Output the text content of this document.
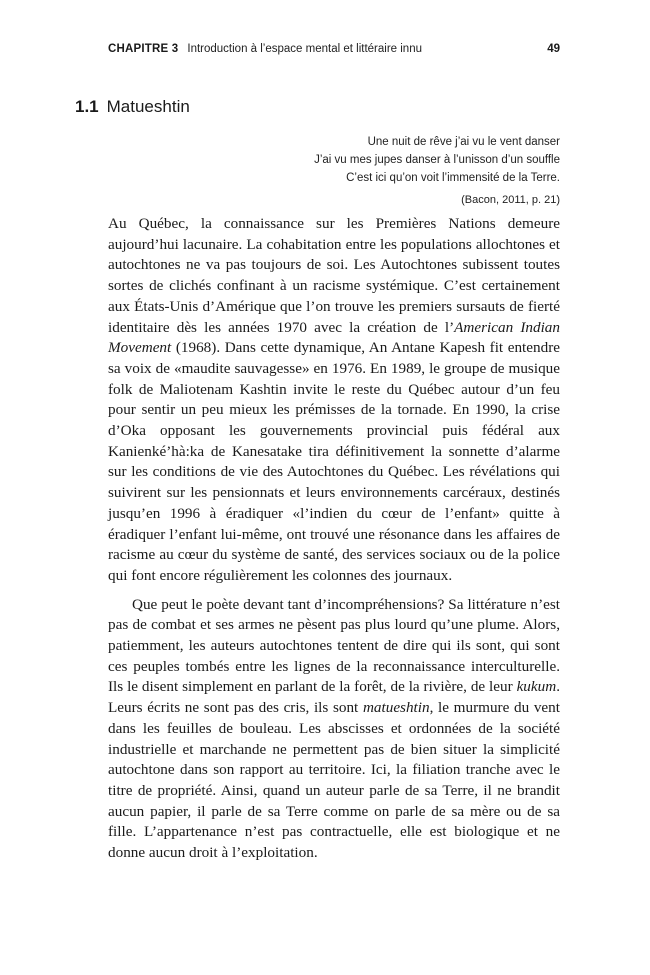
CHAPITRE 3 Introduction à l’espace mental et littéraire innu	49
1.1 Matueshtin
Une nuit de rêve j’ai vu le vent danser
J’ai vu mes jupes danser à l’unisson d’un souffle
C’est ici qu’on voit l’immensité de la Terre.
(Bacon, 2011, p. 21)

Au Québec, la connaissance sur les Premières Nations demeure aujourd’hui lacunaire. La cohabitation entre les populations allochtones et autochtones ne va pas toujours de soi. Les Autochtones subissent toutes sortes de clichés confinant à un racisme systémique. C’est certainement aux États-Unis d’Amérique que l’on trouve les premiers sursauts de fierté identitaire dès les années 1970 avec la création de l’American Indian Movement (1968). Dans cette dynamique, An Antane Kapesh fit entendre sa voix de «maudite sauvagesse» en 1976. En 1989, le groupe de musique folk de Maliotenam Kashtin invite le reste du Québec autour d’un feu pour sentir un peu mieux les prémisses de la tornade. En 1990, la crise d’Oka opposant les gouvernements provincial puis fédéral aux Kanienké’hà:ka de Kanesatake tira définitivement la sonnette d’alarme sur les conditions de vie des Autochtones du Québec. Les révélations qui suivirent sur les pensionnats et leurs environnements carcéraux, destinés jusqu’en 1996 à éradiquer «l’indien du cœur de l’enfant» quitte à éradiquer l’enfant lui-même, ont trouvé une résonance dans les affaires de racisme au cœur du système de santé, des services sociaux ou de la police qui font encore régulièrement les colonnes des journaux.

Que peut le poète devant tant d’incompréhensions? Sa littérature n’est pas de combat et ses armes ne pèsent pas plus lourd qu’une plume. Alors, patiemment, les auteurs autochtones tentent de dire qui ils sont, qui sont ces peuples tombés entre les lignes de la reconnaissance interculturelle. Ils le disent simplement en parlant de la forêt, de la rivière, de leur kukum. Leurs écrits ne sont pas des cris, ils sont matueshtin, le murmure du vent dans les feuilles de bouleau. Les abscisses et ordonnées de la société industrielle et marchande ne permettent pas de bien situer la simplicité autochtone dans son rapport au territoire. Ici, la filiation tranche avec le titre de propriété. Ainsi, quand un auteur parle de sa Terre, il ne brandit aucun papier, il parle de sa Terre comme on parle de sa mère ou de sa fille. L’appartenance n’est pas contractuelle, elle est biologique et ne donne aucun droit à l’exploitation.
